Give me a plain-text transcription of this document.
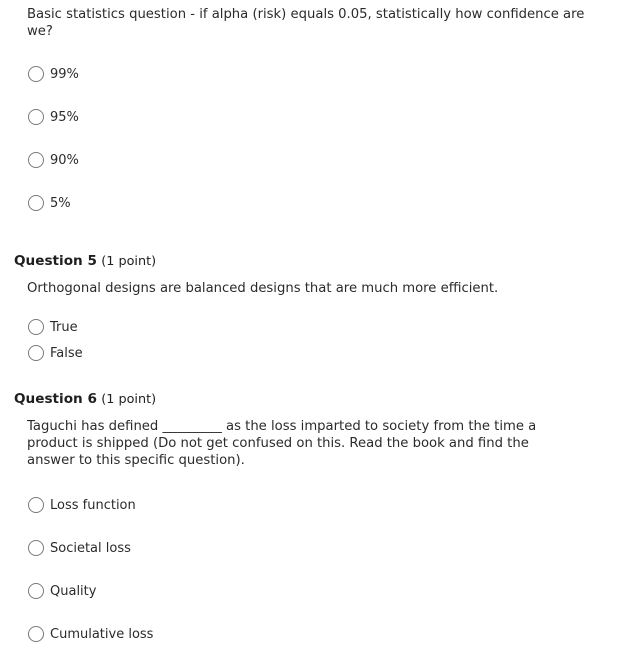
Basic statistics question - if alpha (risk) equals 0.05, statistically how confidence are we?
99%
95%
90%
5%
Question 5 (1 point)
Orthogonal designs are balanced designs that are much more efficient.
True
False
Question 6 (1 point)
Taguchi has defined _________ as the loss imparted to society from the time a product is shipped (Do not get confused on this. Read the book and find the answer to this specific question).
Loss function
Societal loss
Quality
Cumulative loss
